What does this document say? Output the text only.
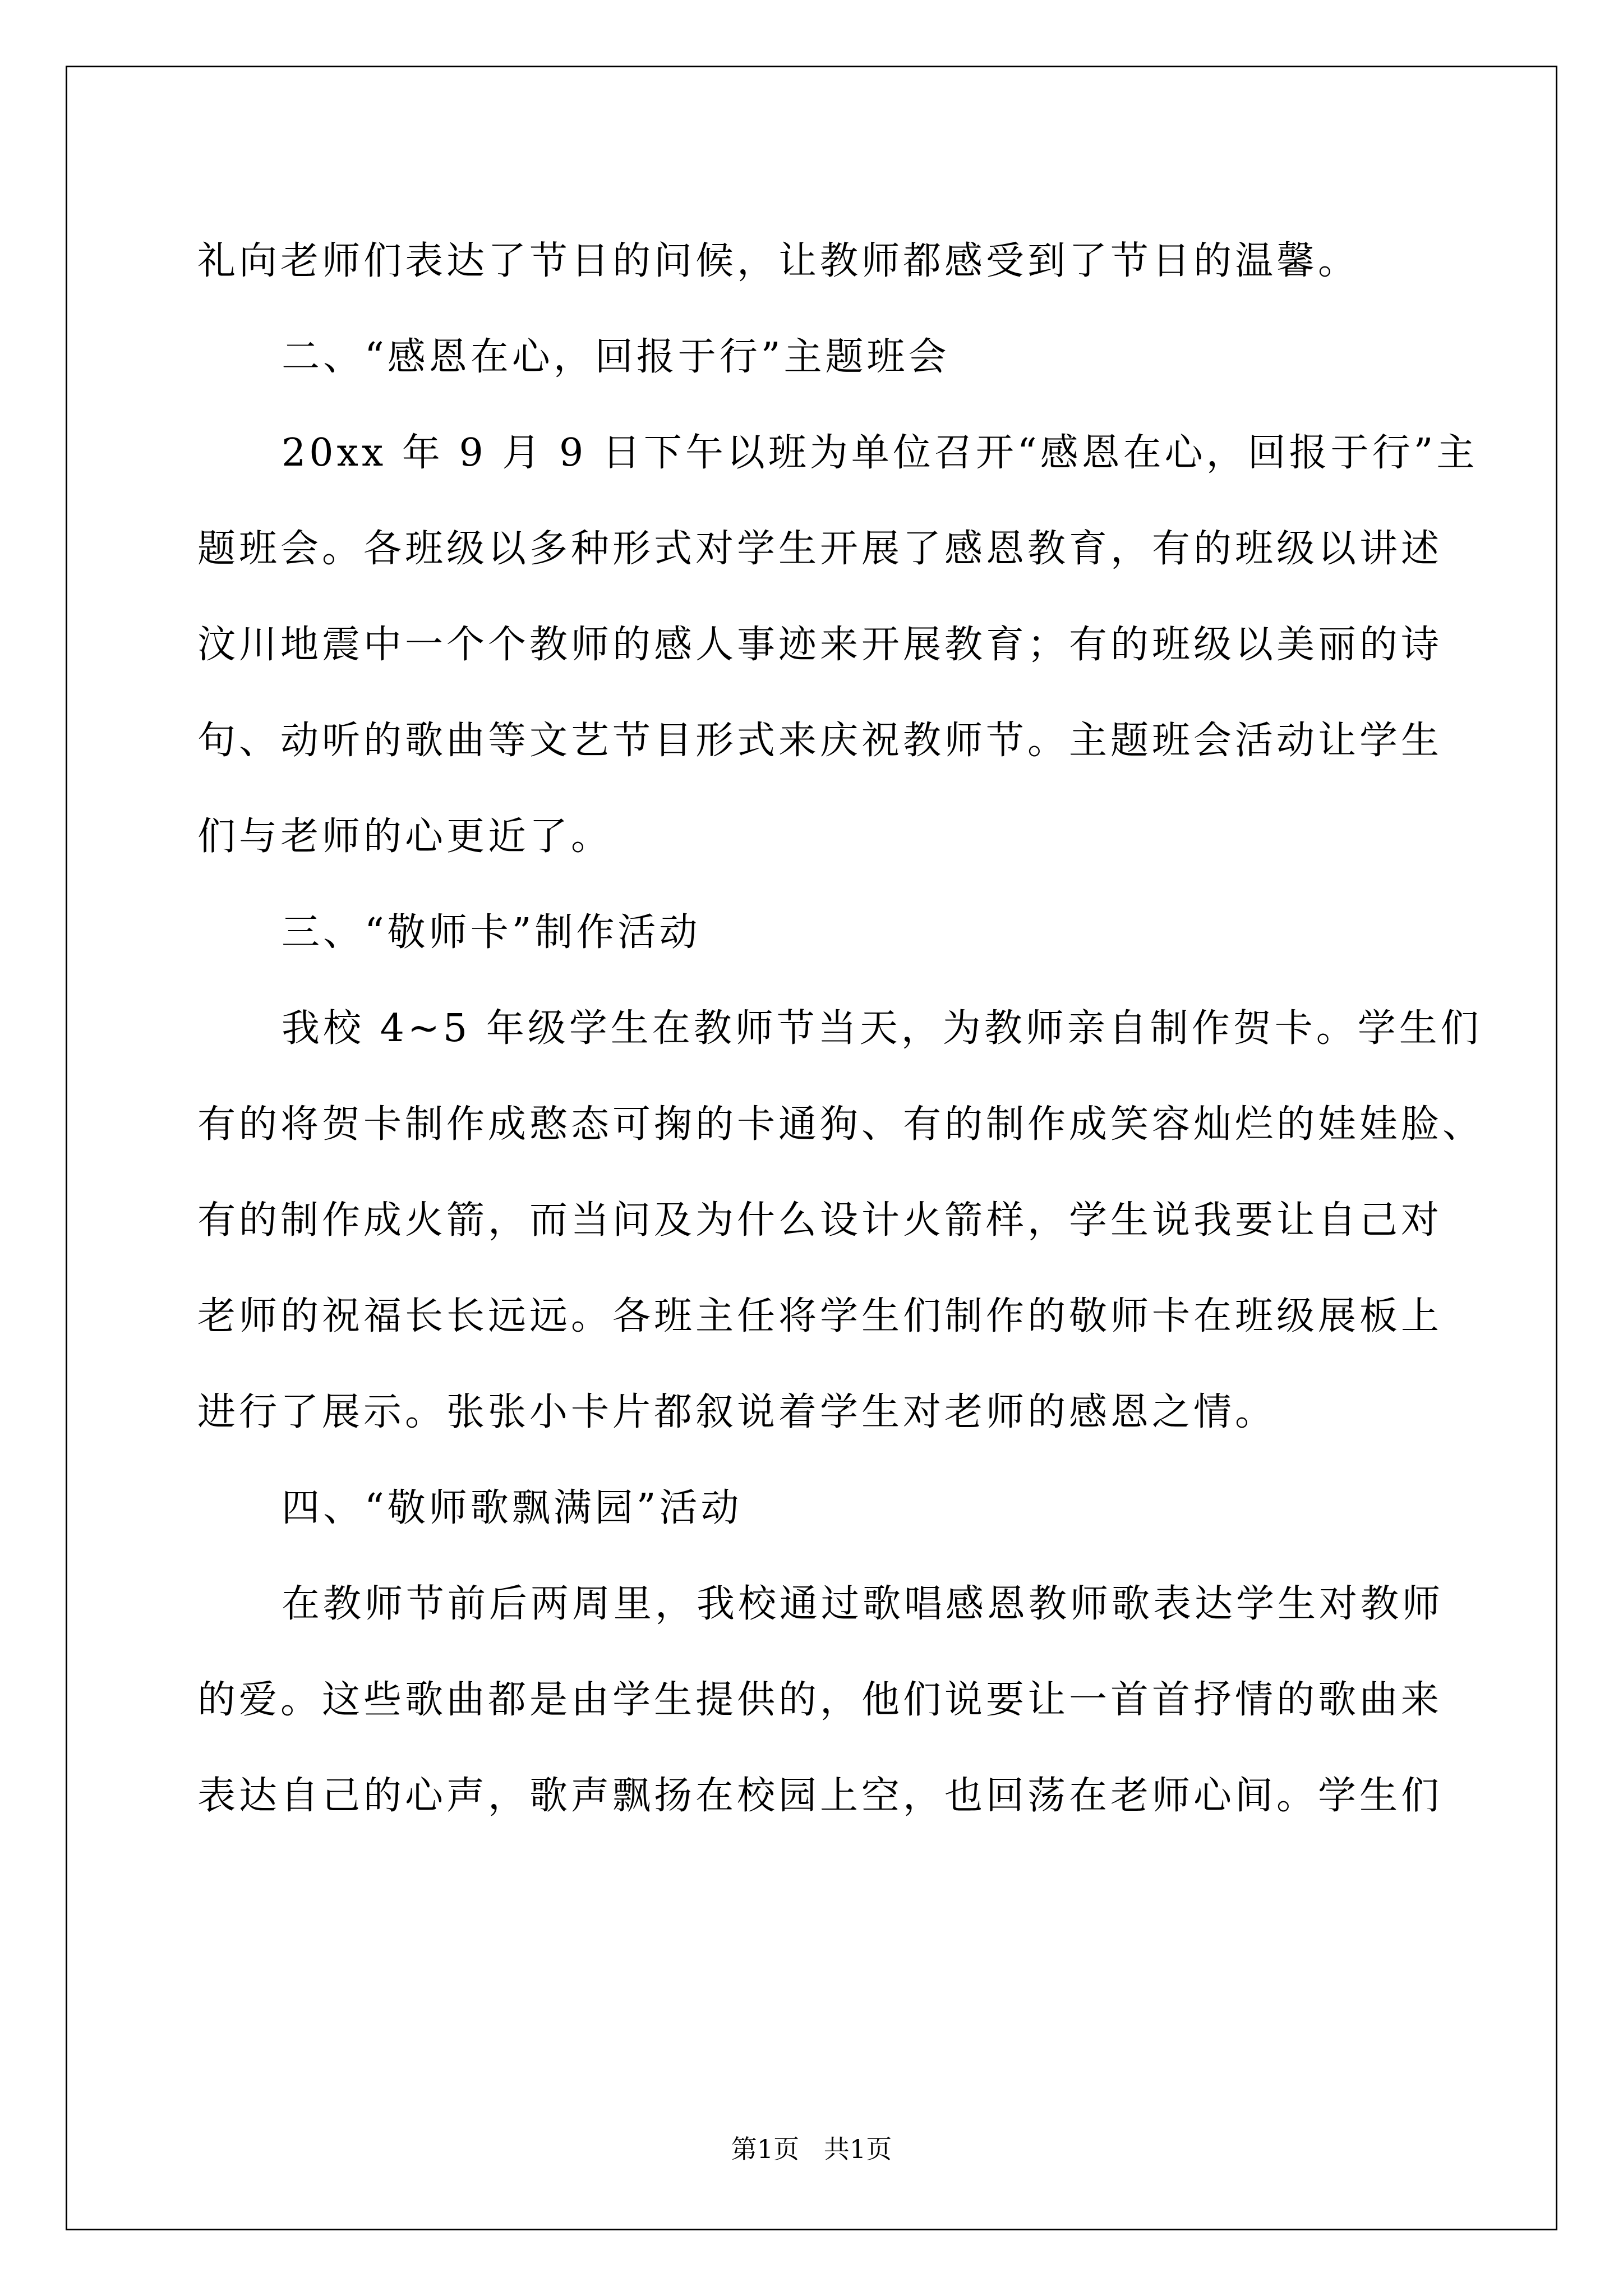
礼向老师们表达了节日的问候，让教师都感受到了节日的温馨。
二、“感恩在心，回报于行”主题班会
20xx 年 9 月 9 日下午以班为单位召开“感恩在心，回报于行”主
题班会。各班级以多种形式对学生开展了感恩教育，有的班级以讲述
汶川地震中一个个教师的感人事迹来开展教育；有的班级以美丽的诗
句、动听的歌曲等文艺节目形式来庆祝教师节。主题班会活动让学生
们与老师的心更近了。
三、“敬师卡”制作活动
我校 4~5 年级学生在教师节当天，为教师亲自制作贺卡。学生们
有的将贺卡制作成憨态可掬的卡通狗、有的制作成笑容灿烂的娃娃脸、
有的制作成火箭，而当问及为什么设计火箭样，学生说我要让自己对
老师的祝福长长远远。各班主任将学生们制作的敬师卡在班级展板上
进行了展示。张张小卡片都叙说着学生对老师的感恩之情。
四、“敬师歌飘满园”活动
在教师节前后两周里，我校通过歌唱感恩教师歌表达学生对教师
的爱。这些歌曲都是由学生提供的，他们说要让一首首抒情的歌曲来
表达自己的心声，歌声飘扬在校园上空，也回荡在老师心间。学生们
第1页   共1页
